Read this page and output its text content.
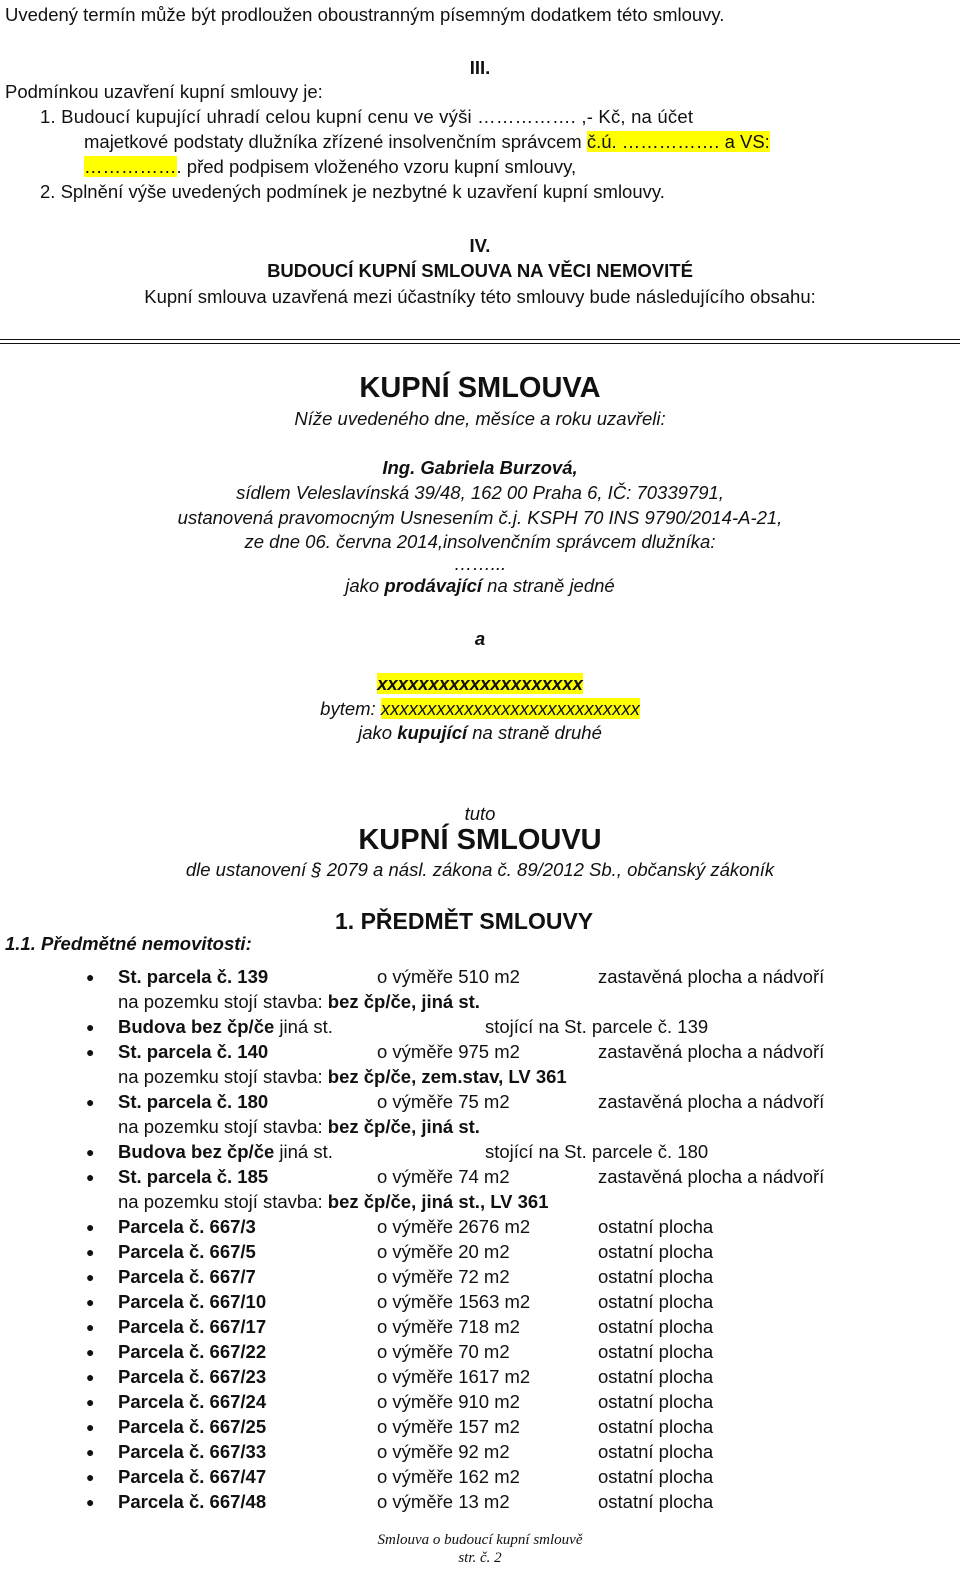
Uvedený termín může být prodloužen oboustranným písemným dodatkem této smlouvy.
III.
Podmínkou uzavření kupní smlouvy je:
1. Budoucí kupující uhradí celou kupní cenu ve výši ……………. ,- Kč, na účet
majetkové podstaty dlužníka zřízené insolvenčním správcem č.ú. ……………. a VS:
……………. před podpisem vloženého vzoru kupní smlouvy,
2. Splnění výše uvedených podmínek je nezbytné k uzavření kupní smlouvy.
IV.
BUDOUCÍ KUPNÍ SMLOUVA NA VĚCI NEMOVITÉ
Kupní smlouva uzavřená mezi účastníky této smlouvy bude následujícího obsahu:
KUPNÍ SMLOUVA
Níže uvedeného dne, měsíce a roku uzavřeli:
Ing. Gabriela Burzová,
sídlem Veleslavínská 39/48, 162 00 Praha 6, IČ: 70339791,
ustanovená pravomocným Usnesením č.j. KSPH 70 INS 9790/2014-A-21,
ze dne 06. června 2014,insolvenčním správcem dlužníka:
……...
jako prodávající na straně jedné
a
xxxxxxxxxxxxxxxxxxxx
bytem: xxxxxxxxxxxxxxxxxxxxxxxxxxxx
jako kupující na straně druhé
tuto
KUPNÍ SMLOUVU
dle ustanovení § 2079 a násl. zákona č. 89/2012 Sb., občanský zákoník
1. PŘEDMĚT SMLOUVY
1.1. Předmětné nemovitosti:
● St. parcela č. 139	o výměře 510 m2	zastavěná plocha a nádvoří
na pozemku stojí stavba: bez čp/če, jiná st.
● Budova bez čp/če jiná st.	stojící na St. parcele č. 139
● St. parcela č. 140	o výměře 975 m2	zastavěná plocha a nádvoří
na pozemku stojí stavba: bez čp/če, zem.stav, LV 361
● St. parcela č. 180	o výměře 75 m2	zastavěná plocha a nádvoří
na pozemku stojí stavba: bez čp/če, jiná st.
● Budova bez čp/če jiná st.	stojící na St. parcele č. 180
● St. parcela č. 185	o výměře 74 m2	zastavěná plocha a nádvoří
na pozemku stojí stavba: bez čp/če, jiná st., LV 361
● Parcela č. 667/3	o výměře 2676 m2	ostatní plocha
● Parcela č. 667/5	o výměře 20 m2	ostatní plocha
● Parcela č. 667/7	o výměře 72 m2	ostatní plocha
● Parcela č. 667/10	o výměře 1563 m2	ostatní plocha
● Parcela č. 667/17	o výměře 718 m2	ostatní plocha
● Parcela č. 667/22	o výměře 70 m2	ostatní plocha
● Parcela č. 667/23	o výměře 1617 m2	ostatní plocha
● Parcela č. 667/24	o výměře 910 m2	ostatní plocha
● Parcela č. 667/25	o výměře 157 m2	ostatní plocha
● Parcela č. 667/33	o výměře 92 m2	ostatní plocha
● Parcela č. 667/47	o výměře 162 m2	ostatní plocha
● Parcela č. 667/48	o výměře 13 m2	ostatní plocha
Smlouva o budoucí kupní smlouvě
str. č. 2
